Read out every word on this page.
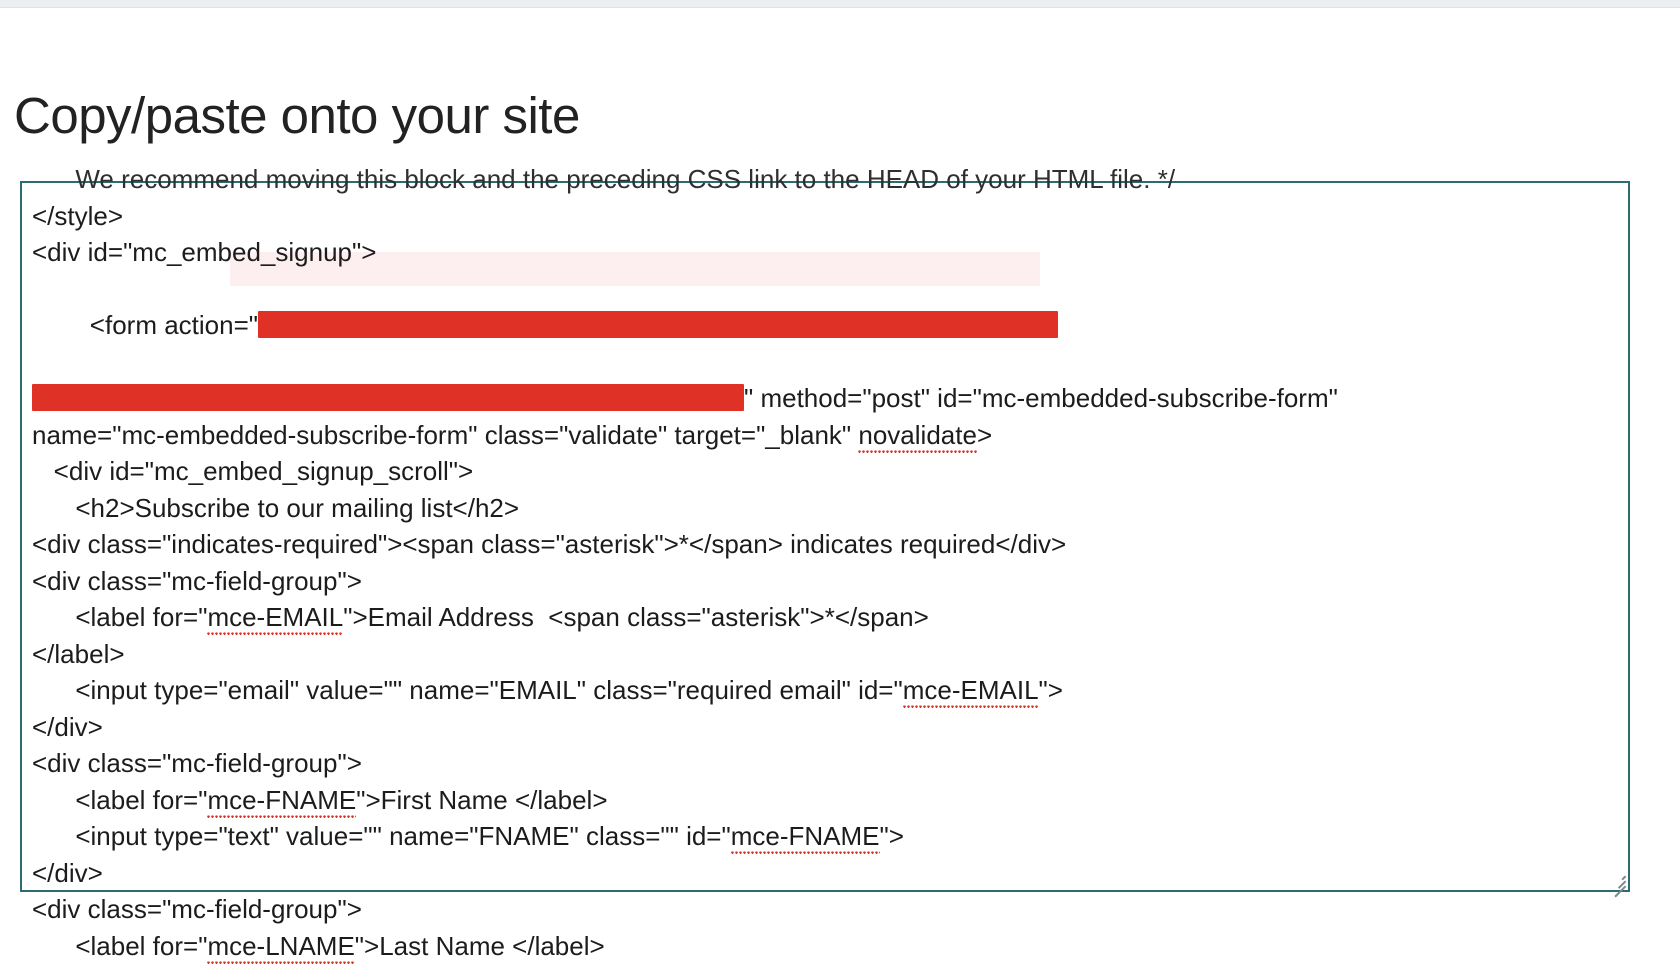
Copy/paste onto your site
We recommend moving this block and the preceding CSS link to the HEAD of your HTML file. */
</style>
<div id="mc_embed_signup">

<form action="

" method="post" id="mc-embedded-subscribe-form"
name="mc-embedded-subscribe-form" class="validate" target="_blank" novalidate>
<div id="mc_embed_signup_scroll">
<h2>Subscribe to our mailing list</h2>
<div class="indicates-required"><span class="asterisk">*</span> indicates required</div>
<div class="mc-field-group">
<label for="mce-EMAIL">Email Address  <span class="asterisk">*</span>
</label>
<input type="email" value="" name="EMAIL" class="required email" id="mce-EMAIL">
</div>
<div class="mc-field-group">
<label for="mce-FNAME">First Name </label>
<input type="text" value="" name="FNAME" class="" id="mce-FNAME">
</div>
<div class="mc-field-group">
<label for="mce-LNAME">Last Name </label>
